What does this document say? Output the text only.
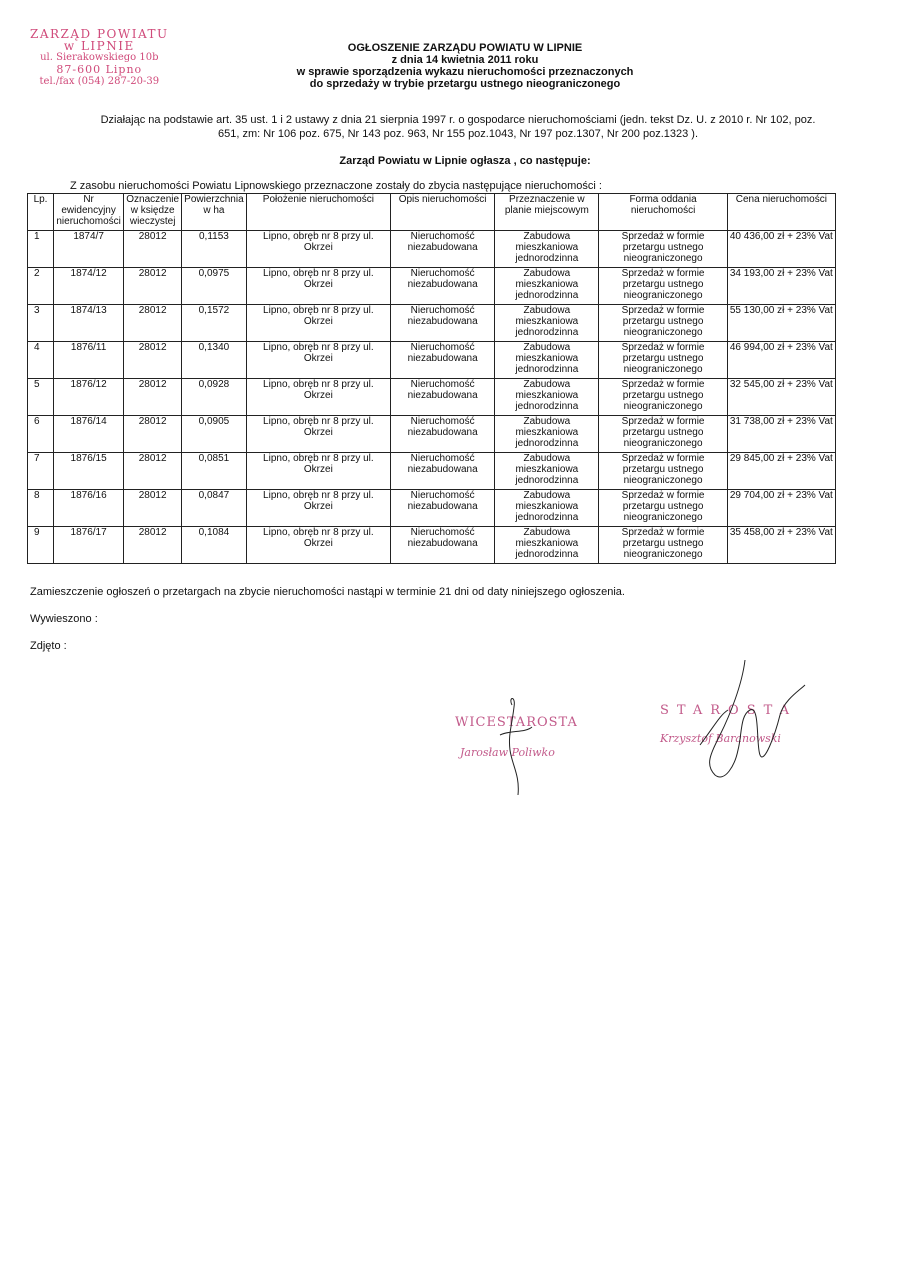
ZARZĄD POWIATU
w LIPNIE
ul. Sierakowskiego 10b
87-600 Lipno
tel./fax (054) 287-20-39
OGŁOSZENIE ZARZĄDU POWIATU W LIPNIE
z dnia 14 kwietnia 2011 roku
w sprawie sporządzenia wykazu nieruchomości przeznaczonych
do sprzedaży w trybie przetargu ustnego nieograniczonego
Działając na podstawie art. 35 ust. 1 i 2 ustawy z dnia 21 sierpnia 1997 r. o gospodarce nieruchomościami (jedn. tekst Dz. U. z 2010 r. Nr 102, poz.
651, zm: Nr 106 poz. 675, Nr 143 poz. 963, Nr 155 poz.1043, Nr 197 poz.1307, Nr 200 poz.1323 ).
Zarząd Powiatu w Lipnie ogłasza , co następuje:
Z zasobu nieruchomości Powiatu Lipnowskiego przeznaczone zostały do zbycia następujące nieruchomości :
Lp.	Nr ewidencyjny nieruchomości	Oznaczenie w księdze wieczystej	Powierzchnia w ha	Położenie nieruchomości	Opis nieruchomości	Przeznaczenie w planie miejscowym	Forma oddania nieruchomości	Cena nieruchomości
1	1874/7	28012	0,1153	Lipno, obręb nr 8 przy ul. Okrzei	Nieruchomość niezabudowana	Zabudowa mieszkaniowa jednorodzinna	Sprzedaż w formie przetargu ustnego nieograniczonego	40 436,00 zł + 23% Vat
2	1874/12	28012	0,0975	Lipno, obręb nr 8 przy ul. Okrzei	Nieruchomość niezabudowana	Zabudowa mieszkaniowa jednorodzinna	Sprzedaż w formie przetargu ustnego nieograniczonego	34 193,00 zł + 23% Vat
3	1874/13	28012	0,1572	Lipno, obręb nr 8 przy ul. Okrzei	Nieruchomość niezabudowana	Zabudowa mieszkaniowa jednorodzinna	Sprzedaż w formie przetargu ustnego nieograniczonego	55 130,00 zł + 23% Vat
4	1876/11	28012	0,1340	Lipno, obręb nr 8 przy ul. Okrzei	Nieruchomość niezabudowana	Zabudowa mieszkaniowa jednorodzinna	Sprzedaż w formie przetargu ustnego nieograniczonego	46 994,00 zł + 23% Vat
5	1876/12	28012	0,0928	Lipno, obręb nr 8 przy ul. Okrzei	Nieruchomość niezabudowana	Zabudowa mieszkaniowa jednorodzinna	Sprzedaż w formie przetargu ustnego nieograniczonego	32 545,00 zł + 23% Vat
6	1876/14	28012	0,0905	Lipno, obręb nr 8 przy ul. Okrzei	Nieruchomość niezabudowana	Zabudowa mieszkaniowa jednorodzinna	Sprzedaż w formie przetargu ustnego nieograniczonego	31 738,00 zł + 23% Vat
7	1876/15	28012	0,0851	Lipno, obręb nr 8 przy ul. Okrzei	Nieruchomość niezabudowana	Zabudowa mieszkaniowa jednorodzinna	Sprzedaż w formie przetargu ustnego nieograniczonego	29 845,00 zł + 23% Vat
8	1876/16	28012	0,0847	Lipno, obręb nr 8 przy ul. Okrzei	Nieruchomość niezabudowana	Zabudowa mieszkaniowa jednorodzinna	Sprzedaż w formie przetargu ustnego nieograniczonego	29 704,00 zł + 23% Vat
9	1876/17	28012	0,1084	Lipno, obręb nr 8 przy ul. Okrzei	Nieruchomość niezabudowana	Zabudowa mieszkaniowa jednorodzinna	Sprzedaż w formie przetargu ustnego nieograniczonego	35 458,00 zł + 23% Vat
Zamieszczenie ogłoszeń o przetargach na zbycie nieruchomości nastąpi w terminie 21 dni od daty niniejszego ogłoszenia.
Wywieszono :
Zdjęto :
WICESTAROSTA
Jarosław Poliwko
STAROSTA
Krzysztof Baranowski
